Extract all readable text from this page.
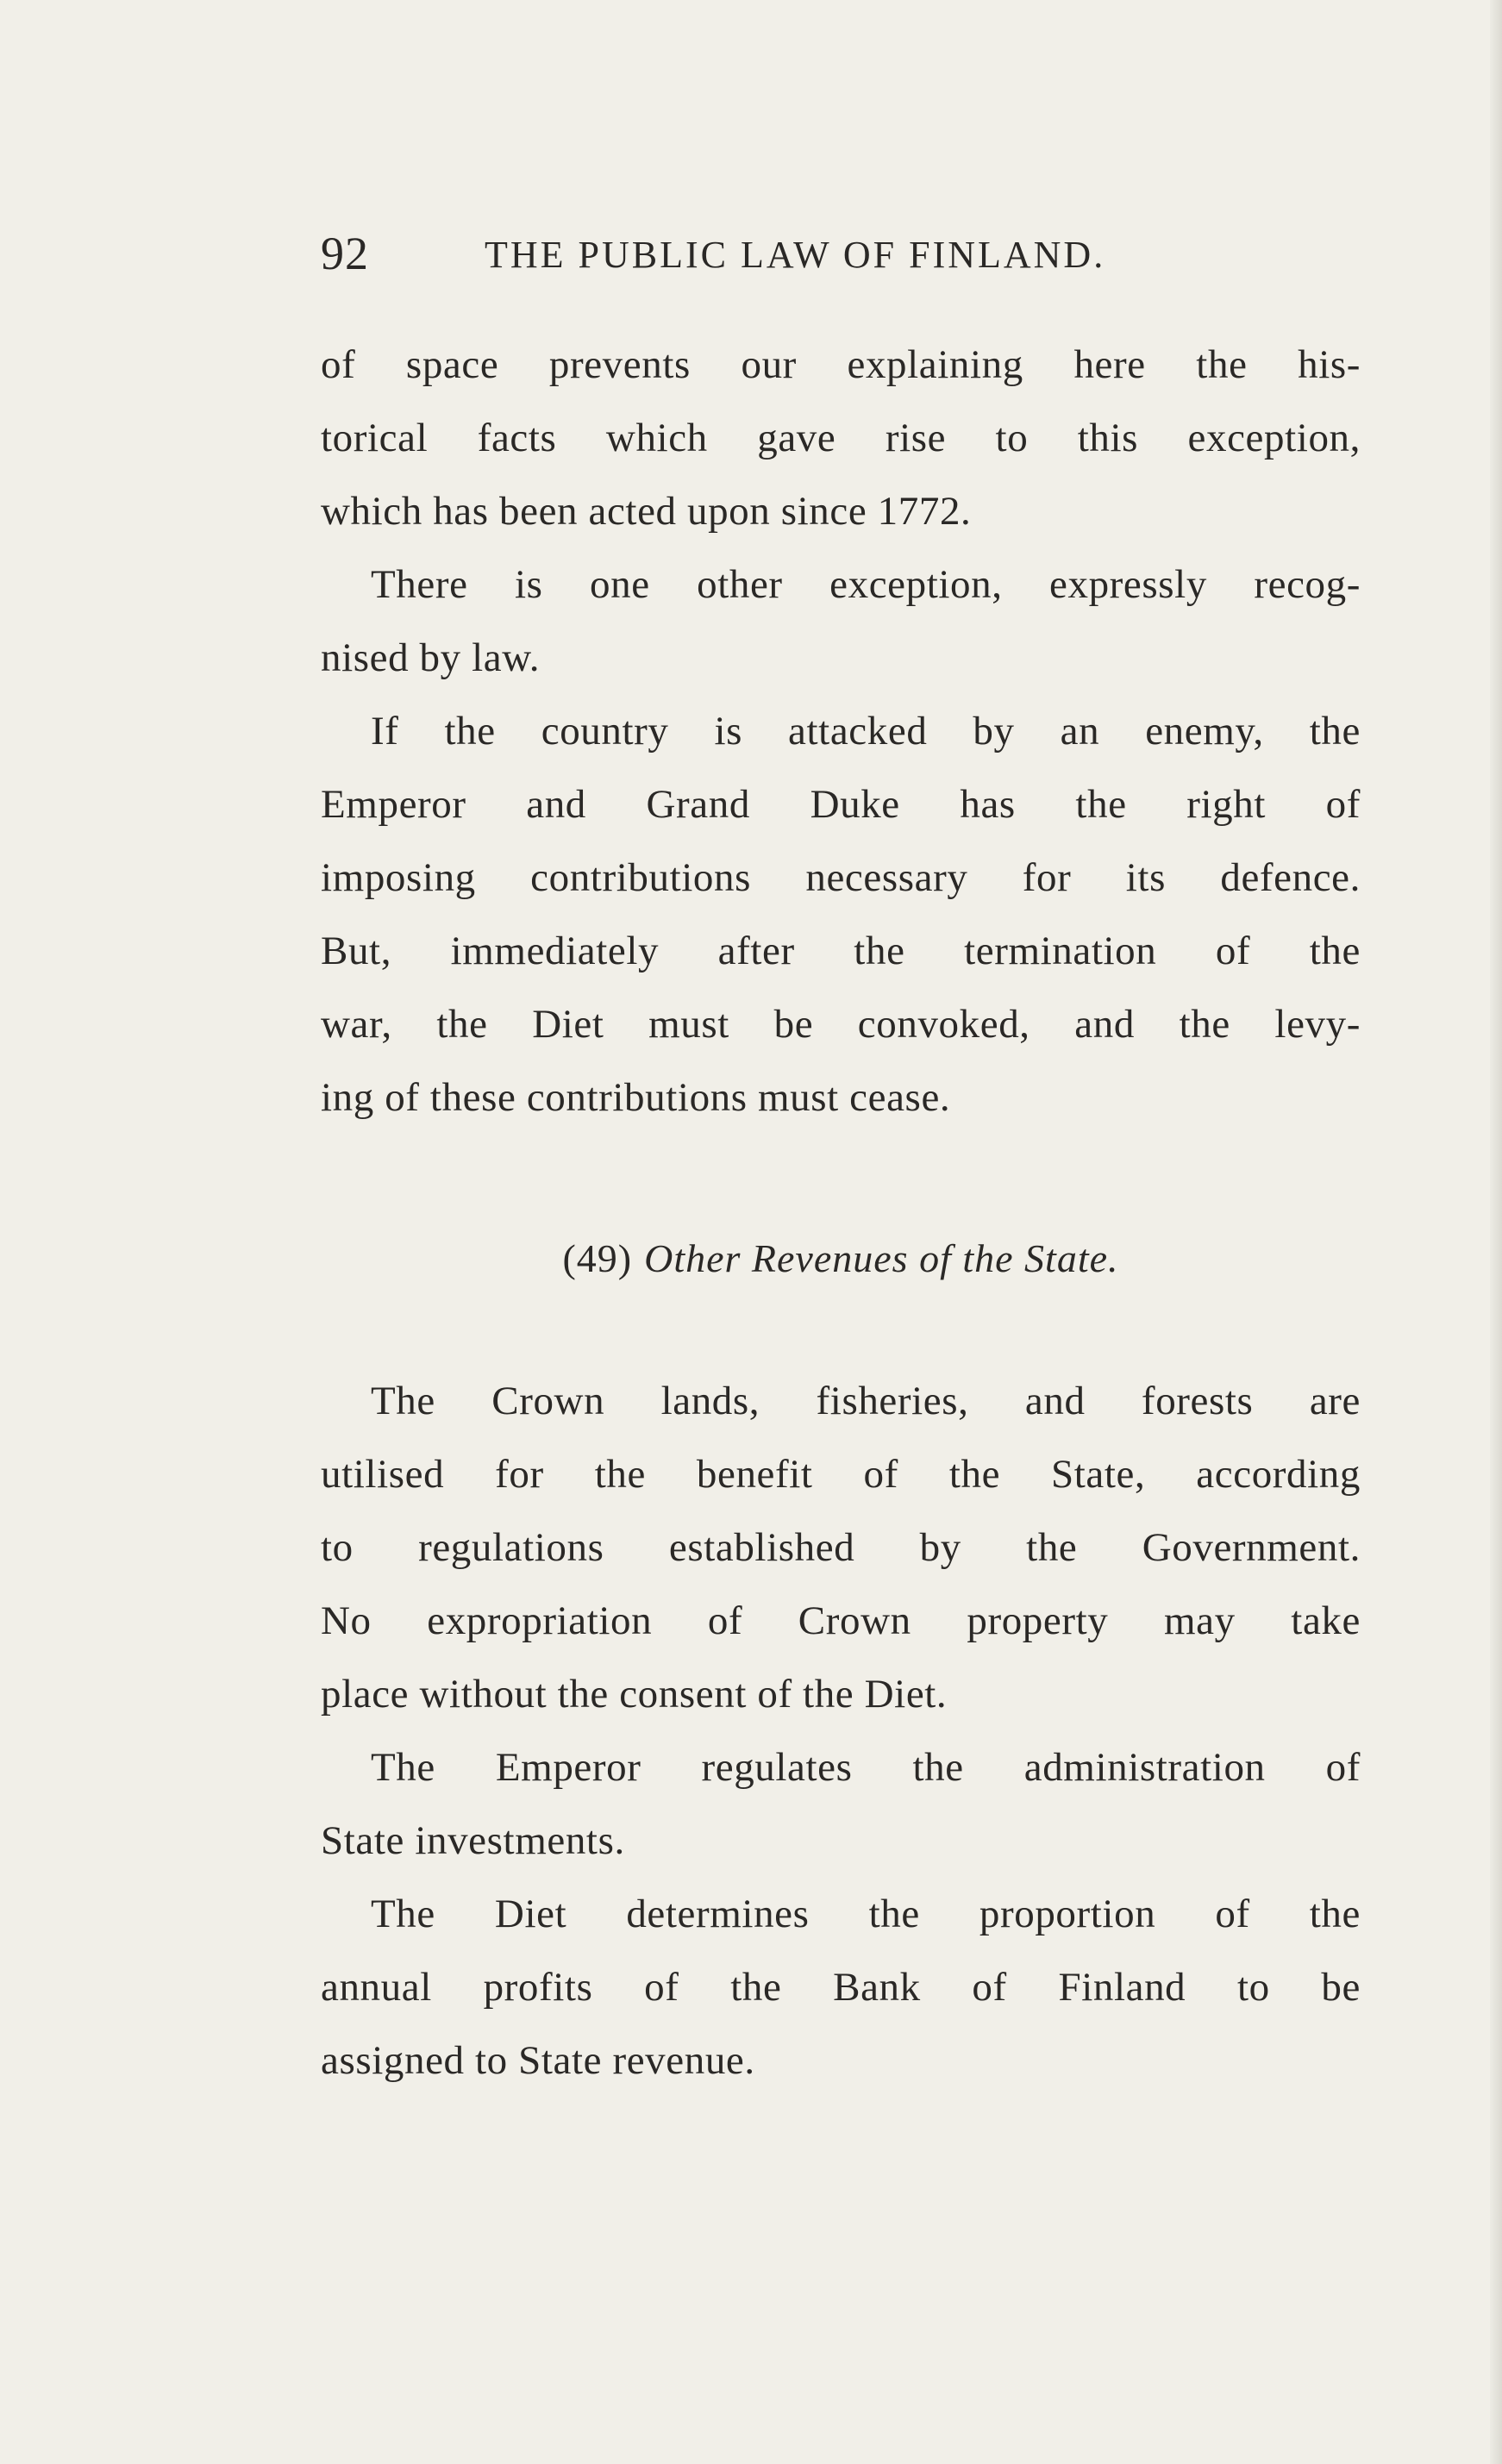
92	THE PUBLIC LAW OF FINLAND.
of space prevents our explaining here the his-
torical facts which gave rise to this exception,
which has been acted upon since 1772.
There is one other exception, expressly recog-
nised by law.
If the country is attacked by an enemy, the
Emperor and Grand Duke has the right of
imposing contributions necessary for its defence.
But, immediately after the termination of the
war, the Diet must be convoked, and the levy-
ing of these contributions must cease.
(49) Other Revenues of the State.
The Crown lands, fisheries, and forests are
utilised for the benefit of the State, according
to regulations established by the Government.
No expropriation of Crown property may take
place without the consent of the Diet.
The Emperor regulates the administration of
State investments.
The Diet determines the proportion of the
annual profits of the Bank of Finland to be
assigned to State revenue.
